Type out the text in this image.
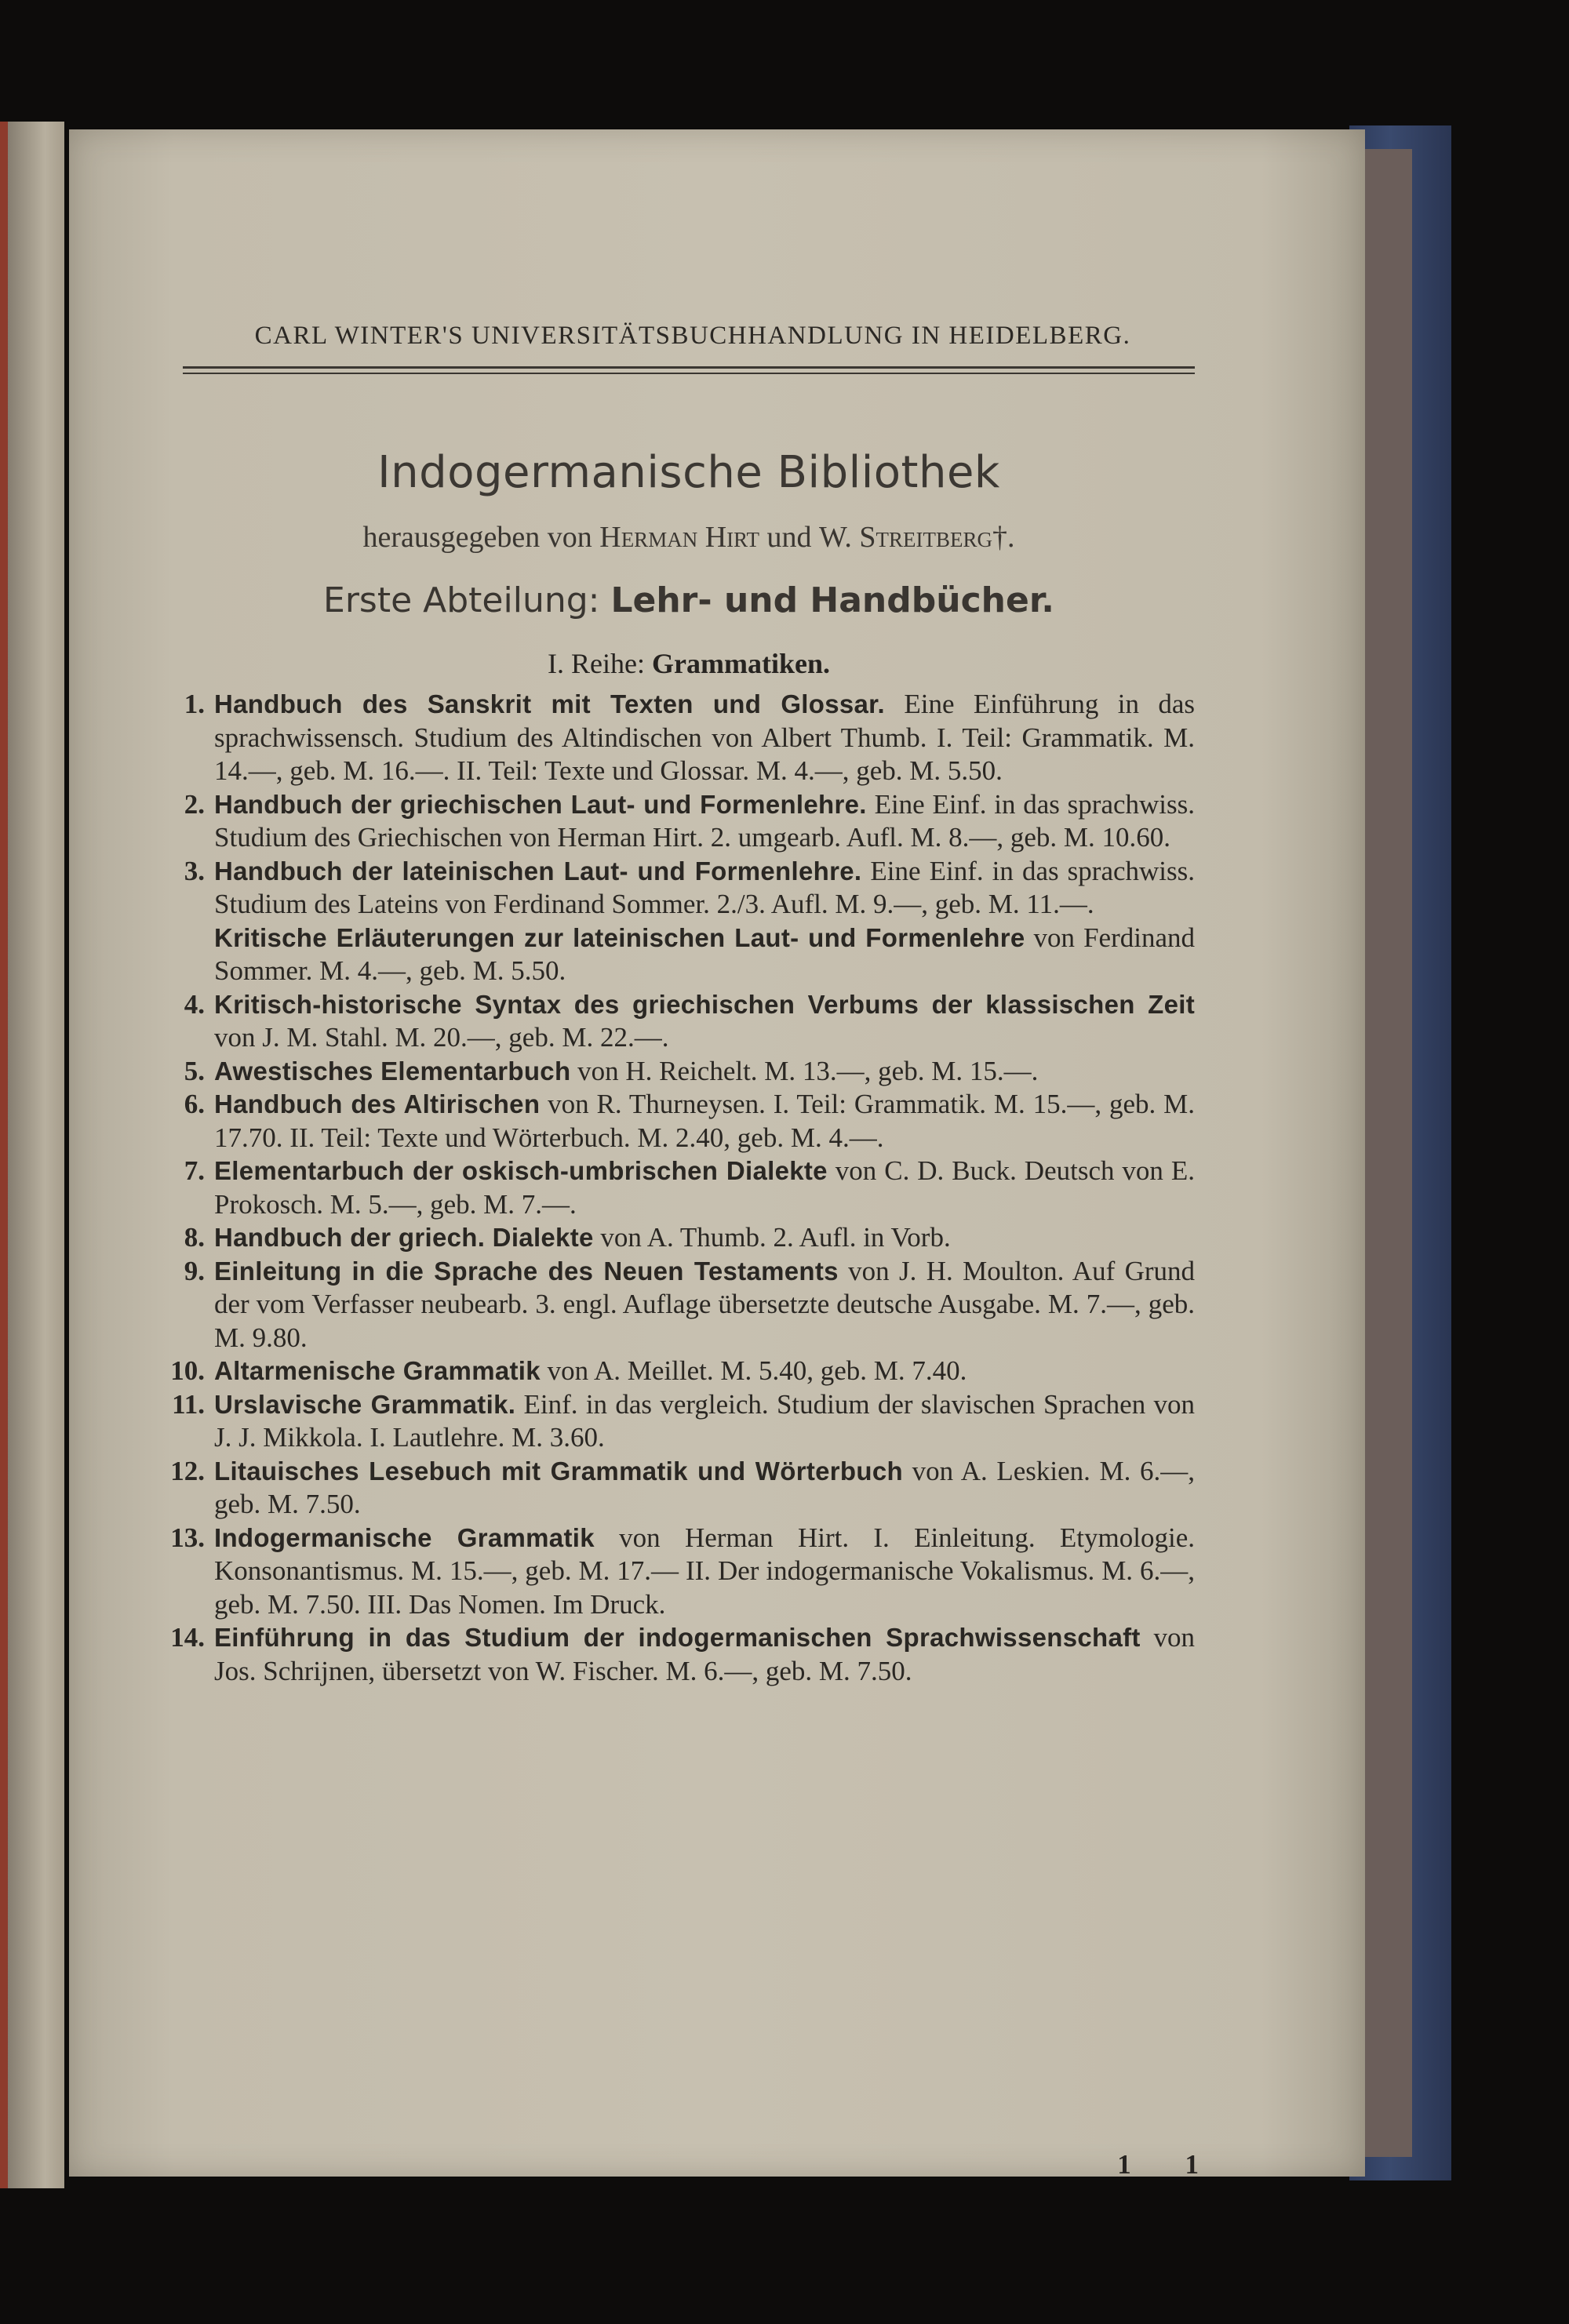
CARL WINTER'S UNIVERSITÄTSBUCHHANDLUNG IN HEIDELBERG.
Indogermanische Bibliothek
herausgegeben von Herman Hirt und W. Streitberg†.
Erste Abteilung: Lehr- und Handbücher.
I. Reihe: Grammatiken.
1. Handbuch des Sanskrit mit Texten und Glossar. Eine Einführung in das sprachwissensch. Studium des Altindischen von Albert Thumb. I. Teil: Grammatik. M. 14.—, geb. M. 16.—. II. Teil: Texte und Glossar. M. 4.—, geb. M. 5.50.
2. Handbuch der griechischen Laut- und Formenlehre. Eine Einf. in das sprachwiss. Studium des Griechischen von Herman Hirt. 2. umgearb. Aufl. M. 8.—, geb. M. 10.60.
3. Handbuch der lateinischen Laut- und Formenlehre. Eine Einf. in das sprachwiss. Studium des Lateins von Ferdinand Sommer. 2./3. Aufl. M. 9.—, geb. M. 11.—.
Kritische Erläuterungen zur lateinischen Laut- und Formenlehre von Ferdinand Sommer. M. 4.—, geb. M. 5.50.
4. Kritisch-historische Syntax des griechischen Verbums der klassischen Zeit von J. M. Stahl. M. 20.—, geb. M. 22.—.
5. Awestisches Elementarbuch von H. Reichelt. M. 13.—, geb. M. 15.—.
6. Handbuch des Altirischen von R. Thurneysen. I. Teil: Grammatik. M. 15.—, geb. M. 17.70. II. Teil: Texte und Wörterbuch. M. 2.40, geb. M. 4.—.
7. Elementarbuch der oskisch-umbrischen Dialekte von C. D. Buck. Deutsch von E. Prokosch. M. 5.—, geb. M. 7.—.
8. Handbuch der griech. Dialekte von A. Thumb. 2. Aufl. in Vorb.
9. Einleitung in die Sprache des Neuen Testaments von J. H. Moulton. Auf Grund der vom Verfasser neubearb. 3. engl. Auflage übersetzte deutsche Ausgabe. M. 7.—, geb. M. 9.80.
10. Altarmenische Grammatik von A. Meillet. M. 5.40, geb. M. 7.40.
11. Urslavische Grammatik. Einf. in das vergleich. Studium der slavischen Sprachen von J. J. Mikkola. I. Lautlehre. M. 3.60.
12. Litauisches Lesebuch mit Grammatik und Wörterbuch von A. Leskien. M. 6.—, geb. M. 7.50.
13. Indogermanische Grammatik von Herman Hirt. I. Einleitung. Etymologie. Konsonantismus. M. 15.—, geb. M. 17.— II. Der indogermanische Vokalismus. M. 6.—, geb. M. 7.50. III. Das Nomen. Im Druck.
14. Einführung in das Studium der indogermanischen Sprachwissenschaft von Jos. Schrijnen, übersetzt von W. Fischer. M. 6.—, geb. M. 7.50.
1 1
